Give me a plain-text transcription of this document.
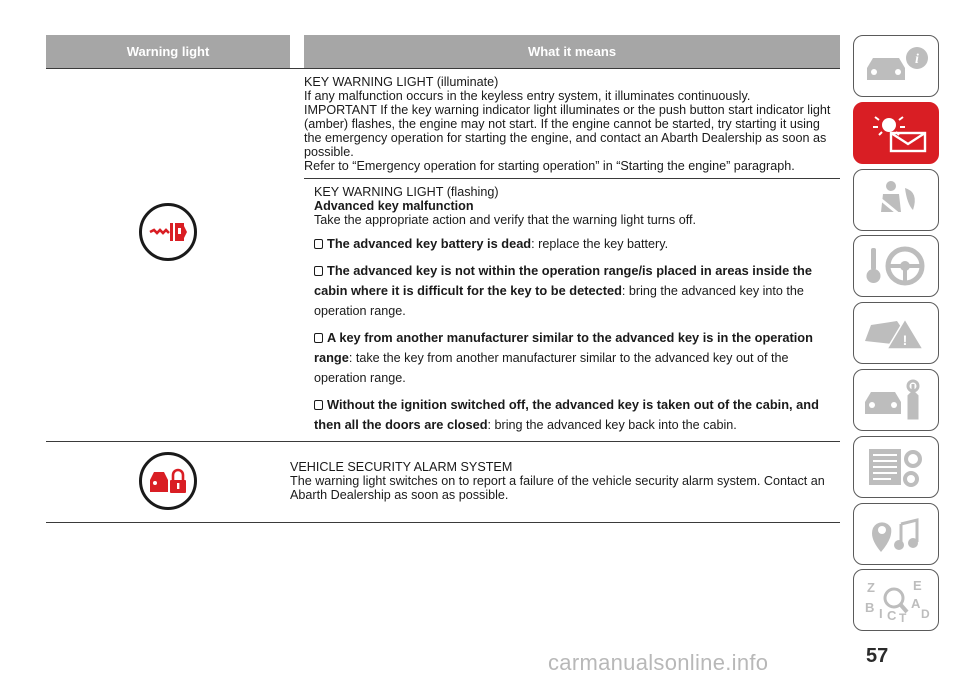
Warning light	What it means
KEY WARNING LIGHT (illuminate)
If any malfunction occurs in the keyless entry system, it illuminates continuously.
IMPORTANT If the key warning indicator light illuminates or the push button start indicator light (amber) flashes, the engine may not start. If the engine cannot be started, try starting it using the emergency operation for starting the engine, and contact an Abarth Dealership as soon as possible.
Refer to “Emergency operation for starting operation” in “Starting the engine” paragraph.
KEY WARNING LIGHT (flashing)
Advanced key malfunction
Take the appropriate action and verify that the warning light turns off.
The advanced key battery is dead: replace the key battery.
The advanced key is not within the operation range/is placed in areas inside the cabin where it is difficult for the key to be detected: bring the advanced key into the operation range.
A key from another manufacturer similar to the advanced key is in the operation range: take the key from another manufacturer similar to the advanced key out of the operation range.
Without the ignition switched off, the advanced key is taken out of the cabin, and then all the doors are closed: bring the advanced key back into the cabin.
VEHICLE SECURITY ALARM SYSTEM
The warning light switches on to report a failure of the vehicle security alarm system. Contact an Abarth Dealership as soon as possible.
i
!
Z	E
B	A
D
I C T
57
carmanualsonline.info
